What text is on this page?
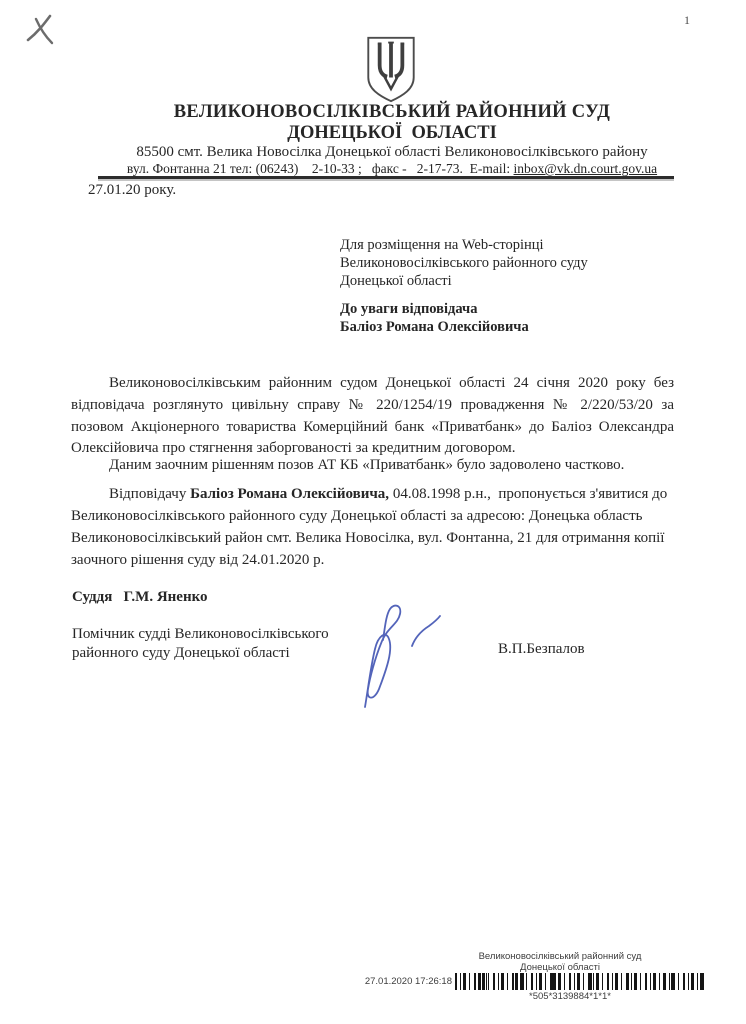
1
ВЕЛИКОНОВОСІЛКІВСЬКИЙ РАЙОННИЙ СУД
ДОНЕЦЬКОЇ  ОБЛАСТІ
85500 смт. Велика Новосілка Донецької області Великоновосілківського району
вул. Фонтанна 21 тел: (06243)    2-10-33 ;   факс -   2-17-73.  E-mail: inbox@vk.dn.court.gov.ua
27.01.20 року.
Для розміщення на Web-сторінці
Великоновосілківського районного суду
Донецької області
До уваги відповідача
Баліоз Романа Олексійовича
Великоновосілківським районним судом Донецької області 24 січня 2020 року без відповідача розглянуто цивільну справу № 220/1254/19 провадження № 2/220/53/20 за позовом Акціонерного товариства Комерційний банк «Приватбанк» до Баліоз Олександра Олексійовича про стягнення заборгованості за кредитним договором.
Даним заочним рішенням позов АТ КБ «Приватбанк» було задоволено частково.
Відповідачу Баліоз Романа Олексійовича, 04.08.1998 р.н.,  пропонується з'явитися до Великоновосілківського районного суду Донецької області за адресою: Донецька область Великоновосілківський район смт. Велика Новосілка, вул. Фонтанна, 21 для отримання копії заочного рішення суду від 24.01.2020 р.
Суддя   Г.М. Яненко
Помічник судді Великоновосілківського
районного суду Донецької області	В.П.Безпалов
Великоновосілківський районний суд
Донецької області
27.01.2020 17:26:18
*505*3139884*1*1*
